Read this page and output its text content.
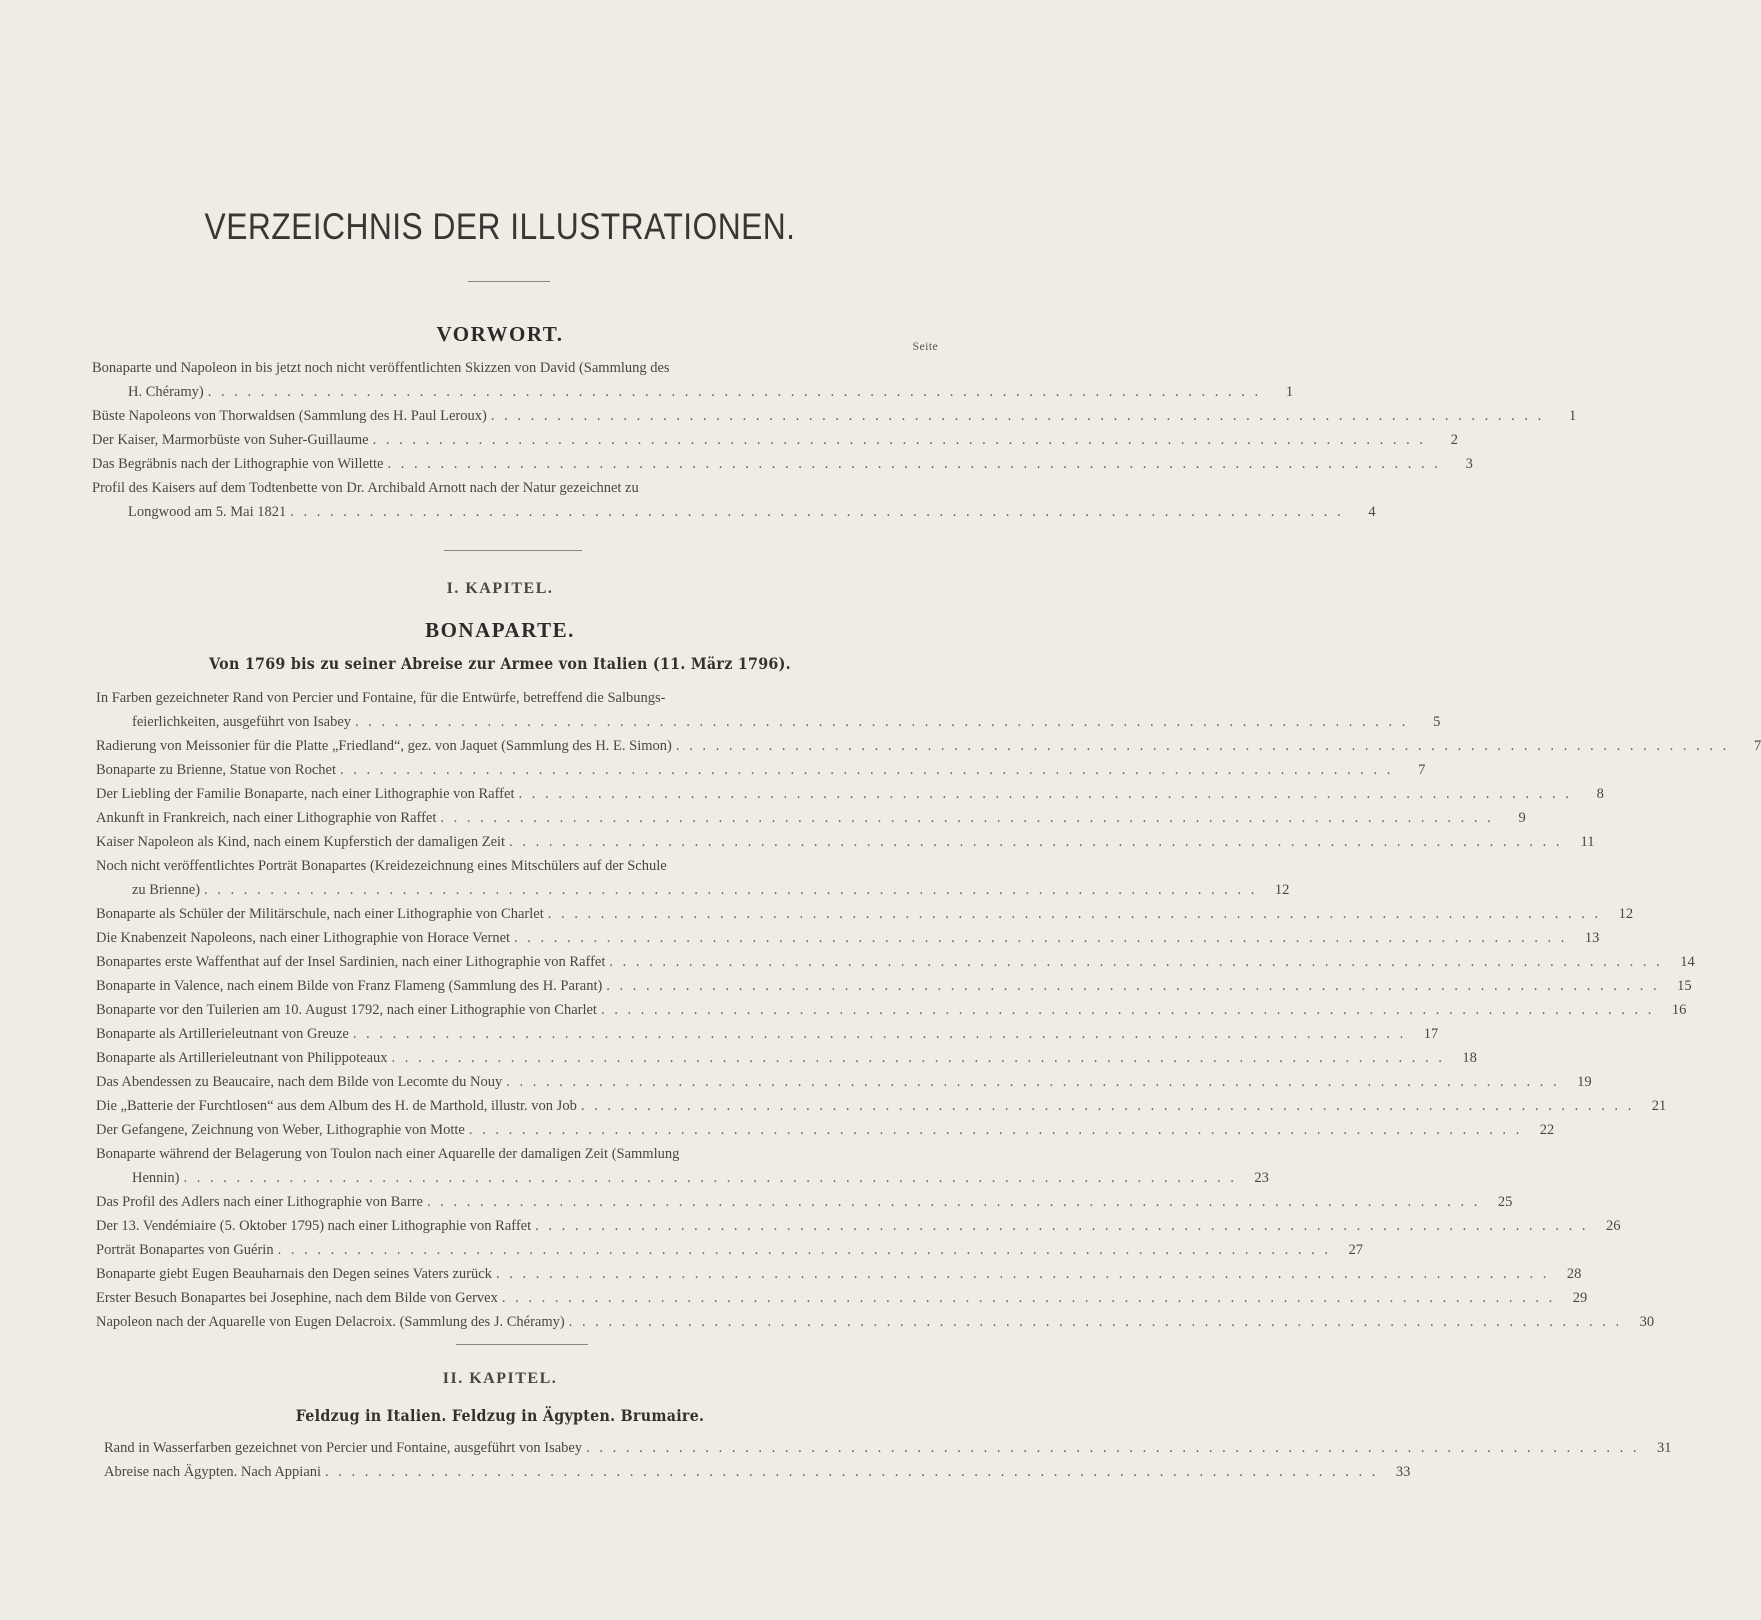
VERZEICHNIS DER ILLUSTRATIONEN.
VORWORT.	Seite
Bonaparte und Napoleon in bis jetzt noch nicht veröffentlichten Skizzen von David (Sammlung des
H. Chéramy) . . . . . . . . . . . . . . . . . . . . . . . . . . . . . . . . . . . . . . . . . . . . . . . . . . . . . . . . . . . . . . . . . . . . . . . . . . . . . . . .	1
Büste Napoleons von Thorwaldsen (Sammlung des H. Paul Leroux) . . . . . . . . . . . . . . . . . . . . . . . . . . . . . . . . . . . . . . . . . . . . . . . . . . . . . . . . . . . . . . . . . . . . . . . . . . . . . . . .	1
Der Kaiser, Marmorbüste von Suher-Guillaume . . . . . . . . . . . . . . . . . . . . . . . . . . . . . . . . . . . . . . . . . . . . . . . . . . . . . . . . . . . . . . . . . . . . . . . . . . . . . . . .	2
Das Begräbnis nach der Lithographie von Willette . . . . . . . . . . . . . . . . . . . . . . . . . . . . . . . . . . . . . . . . . . . . . . . . . . . . . . . . . . . . . . . . . . . . . . . . . . . . . . . .	3
Profil des Kaisers auf dem Todtenbette von Dr. Archibald Arnott nach der Natur gezeichnet zu
Longwood am 5. Mai 1821 . . . . . . . . . . . . . . . . . . . . . . . . . . . . . . . . . . . . . . . . . . . . . . . . . . . . . . . . . . . . . . . . . . . . . . . . . . . . . . . .	4
I. KAPITEL.
BONAPARTE.
Von 1769 bis zu seiner Abreise zur Armee von Italien (11. März 1796).
In Farben gezeichneter Rand von Percier und Fontaine, für die Entwürfe, betreffend die Salbungs-
feierlichkeiten, ausgeführt von Isabey . . . . . . . . . . . . . . . . . . . . . . . . . . . . . . . . . . . . . . . . . . . . . . . . . . . . . . . . . . . . . . . . . . . . . . . . . . . . . . . .	5
Radierung von Meissonier für die Platte „Friedland“, gez. von Jaquet (Sammlung des H. E. Simon) . . . . . . . . . . . . . . . . . . . . . . . . . . . . . . . . . . . . . . . . . . . . . . . . . . . . . . . . . . . . . . . . . . . . . . . . . . . . . . . .	7
Bonaparte zu Brienne, Statue von Rochet . . . . . . . . . . . . . . . . . . . . . . . . . . . . . . . . . . . . . . . . . . . . . . . . . . . . . . . . . . . . . . . . . . . . . . . . . . . . . . . .	7
Der Liebling der Familie Bonaparte, nach einer Lithographie von Raffet . . . . . . . . . . . . . . . . . . . . . . . . . . . . . . . . . . . . . . . . . . . . . . . . . . . . . . . . . . . . . . . . . . . . . . . . . . . . . . . .	8
Ankunft in Frankreich, nach einer Lithographie von Raffet . . . . . . . . . . . . . . . . . . . . . . . . . . . . . . . . . . . . . . . . . . . . . . . . . . . . . . . . . . . . . . . . . . . . . . . . . . . . . . . .	9
Kaiser Napoleon als Kind, nach einem Kupferstich der damaligen Zeit . . . . . . . . . . . . . . . . . . . . . . . . . . . . . . . . . . . . . . . . . . . . . . . . . . . . . . . . . . . . . . . . . . . . . . . . . . . . . . . .	11
Noch nicht veröffentlichtes Porträt Bonapartes (Kreidezeichnung eines Mitschülers auf der Schule
zu Brienne) . . . . . . . . . . . . . . . . . . . . . . . . . . . . . . . . . . . . . . . . . . . . . . . . . . . . . . . . . . . . . . . . . . . . . . . . . . . . . . . .	12
Bonaparte als Schüler der Militärschule, nach einer Lithographie von Charlet . . . . . . . . . . . . . . . . . . . . . . . . . . . . . . . . . . . . . . . . . . . . . . . . . . . . . . . . . . . . . . . . . . . . . . . . . . . . . . . .	12
Die Knabenzeit Napoleons, nach einer Lithographie von Horace Vernet . . . . . . . . . . . . . . . . . . . . . . . . . . . . . . . . . . . . . . . . . . . . . . . . . . . . . . . . . . . . . . . . . . . . . . . . . . . . . . . .	13
Bonapartes erste Waffenthat auf der Insel Sardinien, nach einer Lithographie von Raffet . . . . . . . . . . . . . . . . . . . . . . . . . . . . . . . . . . . . . . . . . . . . . . . . . . . . . . . . . . . . . . . . . . . . . . . . . . . . . . . .	14
Bonaparte in Valence, nach einem Bilde von Franz Flameng (Sammlung des H. Parant) . . . . . . . . . . . . . . . . . . . . . . . . . . . . . . . . . . . . . . . . . . . . . . . . . . . . . . . . . . . . . . . . . . . . . . . . . . . . . . . .	15
Bonaparte vor den Tuilerien am 10. August 1792, nach einer Lithographie von Charlet . . . . . . . . . . . . . . . . . . . . . . . . . . . . . . . . . . . . . . . . . . . . . . . . . . . . . . . . . . . . . . . . . . . . . . . . . . . . . . . .	16
Bonaparte als Artillerieleutnant von Greuze . . . . . . . . . . . . . . . . . . . . . . . . . . . . . . . . . . . . . . . . . . . . . . . . . . . . . . . . . . . . . . . . . . . . . . . . . . . . . . . .	17
Bonaparte als Artillerieleutnant von Philippoteaux . . . . . . . . . . . . . . . . . . . . . . . . . . . . . . . . . . . . . . . . . . . . . . . . . . . . . . . . . . . . . . . . . . . . . . . . . . . . . . . .	18
Das Abendessen zu Beaucaire, nach dem Bilde von Lecomte du Nouy . . . . . . . . . . . . . . . . . . . . . . . . . . . . . . . . . . . . . . . . . . . . . . . . . . . . . . . . . . . . . . . . . . . . . . . . . . . . . . . .	19
Die „Batterie der Furchtlosen“ aus dem Album des H. de Marthold, illustr. von Job . . . . . . . . . . . . . . . . . . . . . . . . . . . . . . . . . . . . . . . . . . . . . . . . . . . . . . . . . . . . . . . . . . . . . . . . . . . . . . . .	21
Der Gefangene, Zeichnung von Weber, Lithographie von Motte . . . . . . . . . . . . . . . . . . . . . . . . . . . . . . . . . . . . . . . . . . . . . . . . . . . . . . . . . . . . . . . . . . . . . . . . . . . . . . . .	22
Bonaparte während der Belagerung von Toulon nach einer Aquarelle der damaligen Zeit (Sammlung
Hennin) . . . . . . . . . . . . . . . . . . . . . . . . . . . . . . . . . . . . . . . . . . . . . . . . . . . . . . . . . . . . . . . . . . . . . . . . . . . . . . . .	23
Das Profil des Adlers nach einer Lithographie von Barre . . . . . . . . . . . . . . . . . . . . . . . . . . . . . . . . . . . . . . . . . . . . . . . . . . . . . . . . . . . . . . . . . . . . . . . . . . . . . . . .	25
Der 13. Vendémiaire (5. Oktober 1795) nach einer Lithographie von Raffet . . . . . . . . . . . . . . . . . . . . . . . . . . . . . . . . . . . . . . . . . . . . . . . . . . . . . . . . . . . . . . . . . . . . . . . . . . . . . . . .	26
Porträt Bonapartes von Guérin . . . . . . . . . . . . . . . . . . . . . . . . . . . . . . . . . . . . . . . . . . . . . . . . . . . . . . . . . . . . . . . . . . . . . . . . . . . . . . . .	27
Bonaparte giebt Eugen Beauharnais den Degen seines Vaters zurück . . . . . . . . . . . . . . . . . . . . . . . . . . . . . . . . . . . . . . . . . . . . . . . . . . . . . . . . . . . . . . . . . . . . . . . . . . . . . . . .	28
Erster Besuch Bonapartes bei Josephine, nach dem Bilde von Gervex . . . . . . . . . . . . . . . . . . . . . . . . . . . . . . . . . . . . . . . . . . . . . . . . . . . . . . . . . . . . . . . . . . . . . . . . . . . . . . . .	29
Napoleon nach der Aquarelle von Eugen Delacroix. (Sammlung des J. Chéramy) . . . . . . . . . . . . . . . . . . . . . . . . . . . . . . . . . . . . . . . . . . . . . . . . . . . . . . . . . . . . . . . . . . . . . . . . . . . . . . . .	30
II. KAPITEL.
Feldzug in Italien. Feldzug in Ägypten. Brumaire.
Rand in Wasserfarben gezeichnet von Percier und Fontaine, ausgeführt von Isabey . . . . . . . . . . . . . . . . . . . . . . . . . . . . . . . . . . . . . . . . . . . . . . . . . . . . . . . . . . . . . . . . . . . . . . . . . . . . . . . .	31
Abreise nach Ägypten. Nach Appiani . . . . . . . . . . . . . . . . . . . . . . . . . . . . . . . . . . . . . . . . . . . . . . . . . . . . . . . . . . . . . . . . . . . . . . . . . . . . . . . .	33
